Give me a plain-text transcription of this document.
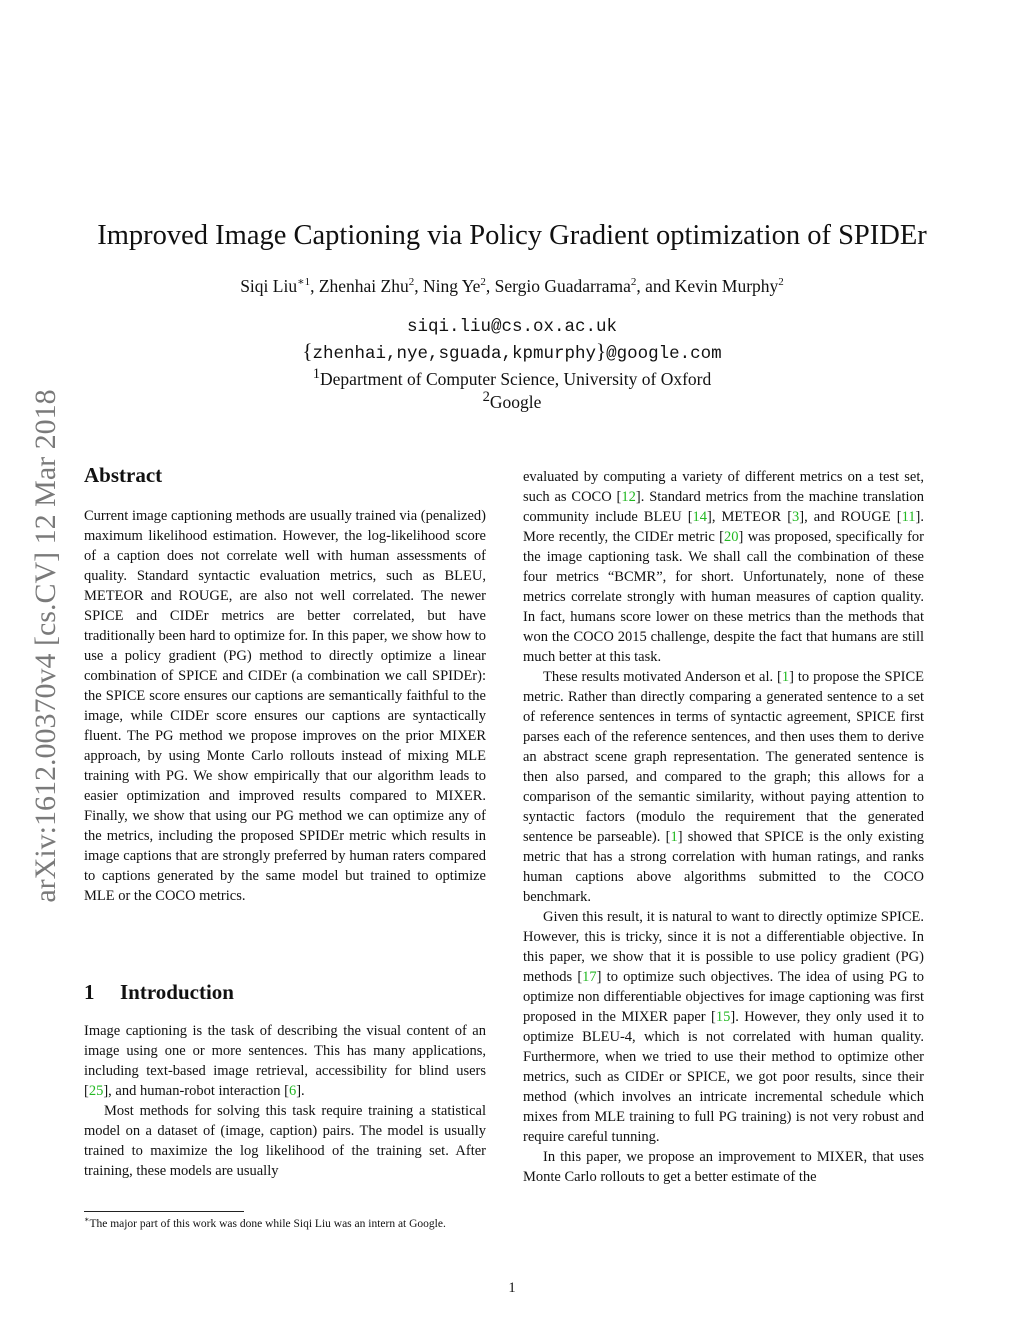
arXiv:1612.00370v4 [cs.CV] 12 Mar 2018
Improved Image Captioning via Policy Gradient optimization of SPIDEr
Siqi Liu$^{∗1}$, Zhenhai Zhu$^2$, Ning Ye$^2$, Sergio Guadarrama$^2$, and Kevin Murphy$^2$
siqi.liu@cs.ox.ac.uk
{zhenhai,nye,sguada,kpmurphy}@google.com
$^1$Department of Computer Science, University of Oxford
$^2$Google
Abstract

Current image captioning methods are usually trained via (penalized) maximum likelihood estimation. However, the log-likelihood score of a caption does not correlate well with human assessments of quality. Standard syntactic evaluation metrics, such as BLEU, METEOR and ROUGE, are also not well correlated. The newer SPICE and CIDEr metrics are better correlated, but have traditionally been hard to optimize for. In this paper, we show how to use a policy gradient (PG) method to directly optimize a linear combination of SPICE and CIDEr (a combination we call SPIDEr): the SPICE score ensures our captions are semantically faithful to the image, while CIDEr score ensures our captions are syntactically fluent. The PG method we propose improves on the prior MIXER approach, by using Monte Carlo rollouts instead of mixing MLE training with PG. We show empirically that our algorithm leads to easier optimization and improved results compared to MIXER. Finally, we show that using our PG method we can optimize any of the metrics, including the proposed SPIDEr metric which results in image captions that are strongly preferred by human raters compared to captions generated by the same model but trained to optimize MLE or the COCO metrics.

1 Introduction

Image captioning is the task of describing the visual content of an image using one or more sentences. This has many applications, including text-based image retrieval, accessibility for blind users [25], and human-robot interaction [6].

Most methods for solving this task require training a statistical model on a dataset of (image, caption) pairs. The model is usually trained to maximize the log likelihood of the training set. After training, these models are usually

evaluated by computing a variety of different metrics on a test set, such as COCO [12]. Standard metrics from the machine translation community include BLEU [14], METEOR [3], and ROUGE [11]. More recently, the CIDEr metric [20] was proposed, specifically for the image captioning task. We shall call the combination of these four metrics “BCMR”, for short. Unfortunately, none of these metrics correlate strongly with human measures of caption quality. In fact, humans score lower on these metrics than the methods that won the COCO 2015 challenge, despite the fact that humans are still much better at this task.

These results motivated Anderson et al. [1] to propose the SPICE metric. Rather than directly comparing a generated sentence to a set of reference sentences in terms of syntactic agreement, SPICE first parses each of the reference sentences, and then uses them to derive an abstract scene graph representation. The generated sentence is then also parsed, and compared to the graph; this allows for a comparison of the semantic similarity, without paying attention to syntactic factors (modulo the requirement that the generated sentence be parseable). [1] showed that SPICE is the only existing metric that has a strong correlation with human ratings, and ranks human captions above algorithms submitted to the COCO benchmark.

Given this result, it is natural to want to directly optimize SPICE. However, this is tricky, since it is not a differentiable objective. In this paper, we show that it is possible to use policy gradient (PG) methods [17] to optimize such objectives. The idea of using PG to optimize non differentiable objectives for image captioning was first proposed in the MIXER paper [15]. However, they only used it to optimize BLEU-4, which is not correlated with human quality. Furthermore, when we tried to use their method to optimize other metrics, such as CIDEr or SPICE, we got poor results, since their method (which involves an intricate incremental schedule which mixes from MLE training to full PG training) is not very robust and require careful tunning.

In this paper, we propose an improvement to MIXER, that uses Monte Carlo rollouts to get a better estimate of the

∗The major part of this work was done while Siqi Liu was an intern at Google.
1
